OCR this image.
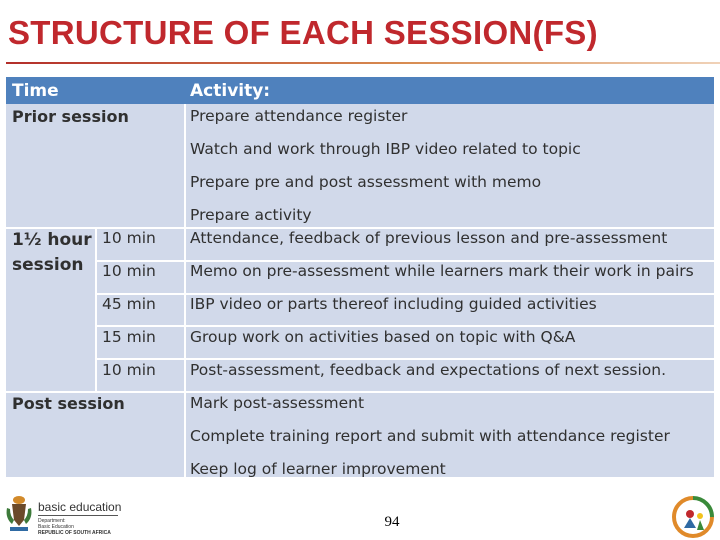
STRUCTURE OF EACH SESSION(FS)
Time	Activity:
Prior session	Prepare attendance register
Watch and work through IBP video related to topic
Prepare pre and post assessment with memo
Prepare activity
1½ hour
session
10 min Attendance, feedback of previous lesson and pre-assessment
10 min Memo on pre-assessment while learners mark their work in pairs
45 min IBP video or parts thereof including guided activities
15 min Group work on activities based on topic with Q&A
10 min Post-assessment, feedback and expectations of next session.
Post session	Mark post-assessment
Complete training report and submit with attendance register
Keep log of learner improvement
basic education
Department:
Basic Education
REPUBLIC OF SOUTH AFRICA
94
